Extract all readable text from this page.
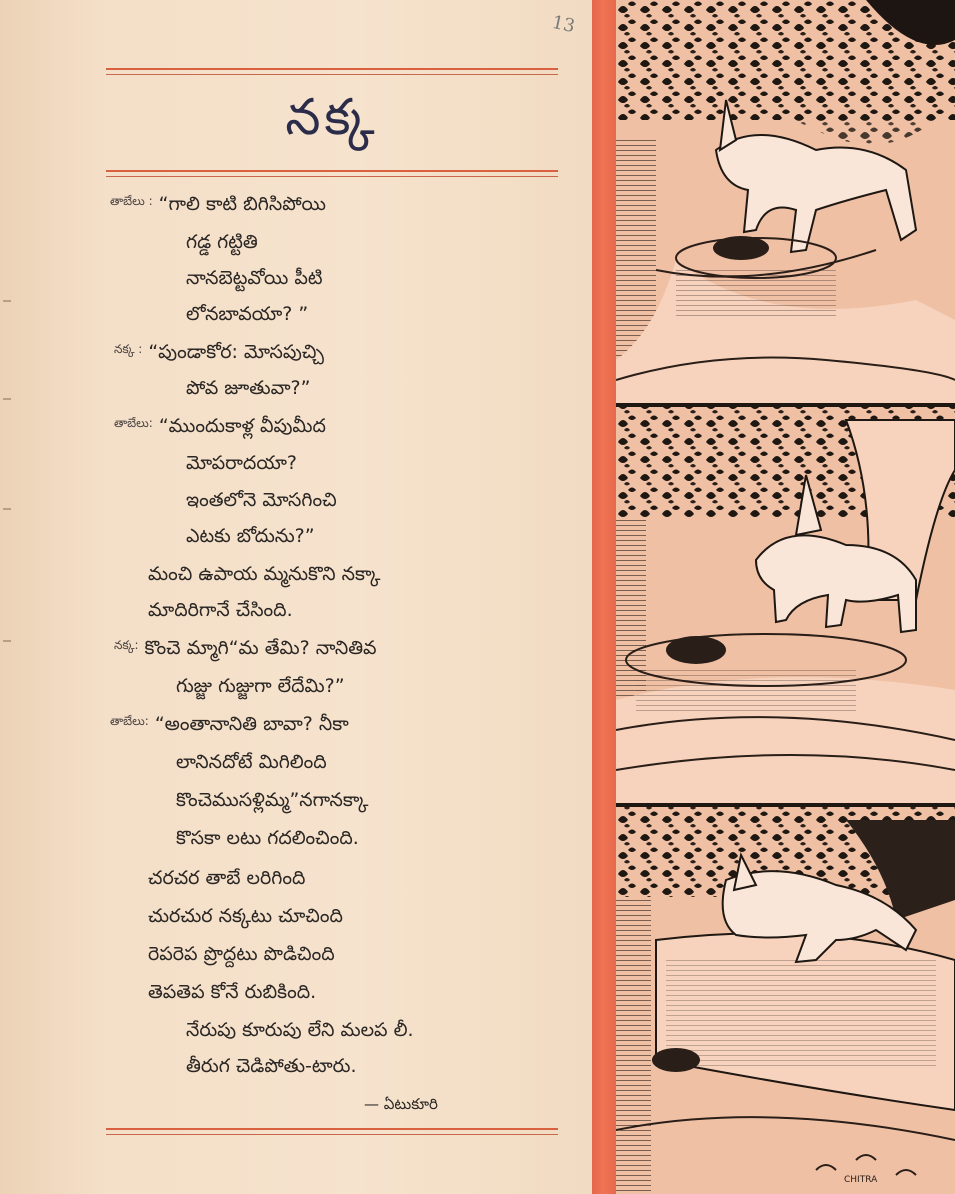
13
నక్క
$^{తాబేలు :}$ “గాలి కాటి బిగిసిపోయి
గడ్డ గట్టితి
నానబెట్టవోయి పీటి
లోనబావయా? ”
$^{నక్క :}$ “పుండాకోర: మోసపుచ్చి
పోవ జూతువా?”
$^{తాబేలు:}$ “ముందుకాళ్ల వీపుమీద
మోపరాదయా?
ఇంతలోనె మోసగించి
ఎటకు బోదును?”
మంచి ఉపాయ మ్మనుకొని నక్కా
మాదిరిగానే చేసింది.
$^{నక్క:}$ కొంచె మ్మాగి“మ తేమి? నానితివ
గుజ్జు గుజ్జుగా లేదేమి?”
$^{తాబేలు:}$ “అంతానానితి బావా? నీకా
లానినదోటే మిగిలింది
కొంచెముసళ్లిమ్మ”నగానక్కా
కొసకా లటు గదలించింది.
చరచర తాబే లరిగింది
చురచుర నక్కటు చూచింది
రెపరెప ప్రొద్దటు పొడిచింది
తెపతెప కోనే రుబికింది.
నేరుపు కూరుపు లేని మలప లీ.
తీరుగ చెడిపోతు-టారు.
— ఏటుకూరి
CHITRA
